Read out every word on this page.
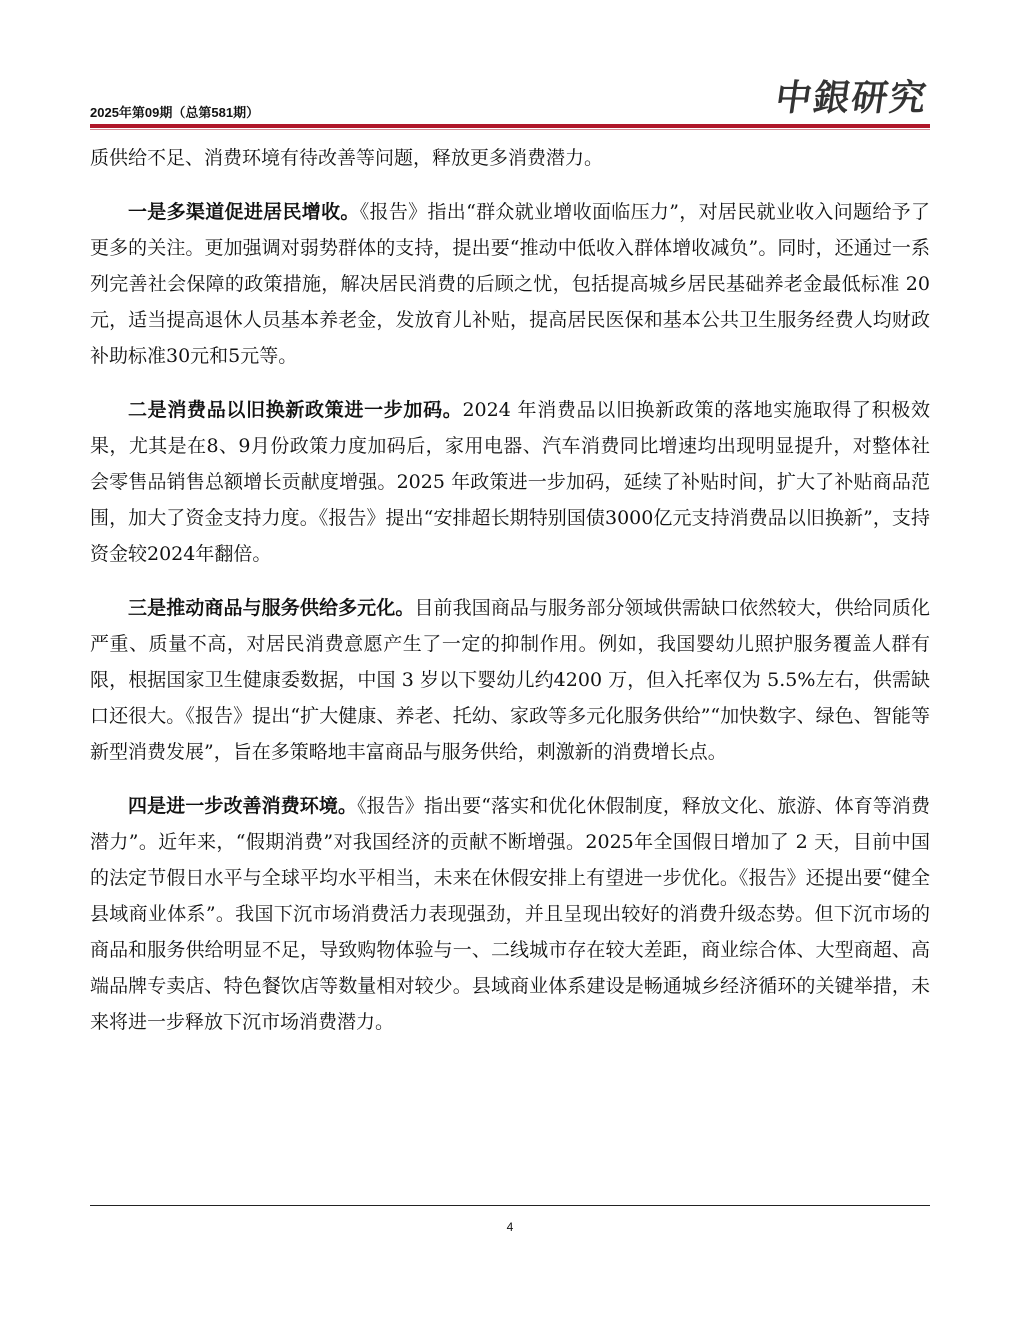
2025年第09期（总第581期）	中銀研究

质供给不足、消费环境有待改善等问题，释放更多消费潜力。

一是多渠道促进居民增收。《报告》指出“群众就业增收面临压力”，对居民就业收入问题给予了更多的关注。更加强调对弱势群体的支持，提出要“推动中低收入群体增收减负”。同时，还通过一系列完善社会保障的政策措施，解决居民消费的后顾之忧，包括提高城乡居民基础养老金最低标准 20 元，适当提高退休人员基本养老金，发放育儿补贴，提高居民医保和基本公共卫生服务经费人均财政补助标准30元和5元等。

二是消费品以旧换新政策进一步加码。2024 年消费品以旧换新政策的落地实施取得了积极效果，尤其是在8、9月份政策力度加码后，家用电器、汽车消费同比增速均出现明显提升，对整体社会零售品销售总额增长贡献度增强。2025 年政策进一步加码，延续了补贴时间，扩大了补贴商品范围，加大了资金支持力度。《报告》提出“安排超长期特别国债3000亿元支持消费品以旧换新”，支持资金较2024年翻倍。

三是推动商品与服务供给多元化。目前我国商品与服务部分领域供需缺口依然较大，供给同质化严重、质量不高，对居民消费意愿产生了一定的抑制作用。例如，我国婴幼儿照护服务覆盖人群有限，根据国家卫生健康委数据，中国 3 岁以下婴幼儿约4200 万，但入托率仅为 5.5%左右，供需缺口还很大。《报告》提出“扩大健康、养老、托幼、家政等多元化服务供给”“加快数字、绿色、智能等新型消费发展”，旨在多策略地丰富商品与服务供给，刺激新的消费增长点。

四是进一步改善消费环境。《报告》指出要“落实和优化休假制度，释放文化、旅游、体育等消费潜力”。近年来，“假期消费”对我国经济的贡献不断增强。2025年全国假日增加了 2 天，目前中国的法定节假日水平与全球平均水平相当，未来在休假安排上有望进一步优化。《报告》还提出要“健全县域商业体系”。我国下沉市场消费活力表现强劲，并且呈现出较好的消费升级态势。但下沉市场的商品和服务供给明显不足，导致购物体验与一、二线城市存在较大差距，商业综合体、大型商超、高端品牌专卖店、特色餐饮店等数量相对较少。县域商业体系建设是畅通城乡经济循环的关键举措，未来将进一步释放下沉市场消费潜力。

4
